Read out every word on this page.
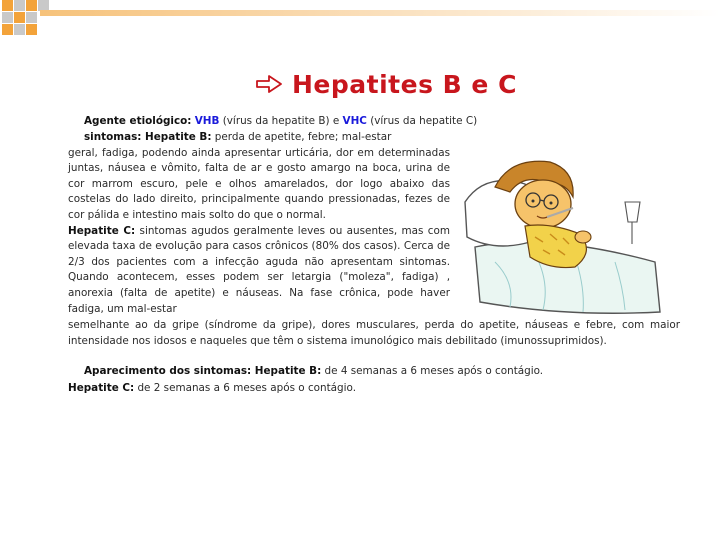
Hepatites B e C
Agente etiológico: VHB (vírus da hepatite B) e VHC (vírus da hepatite C)

sintomas: Hepatite B: perda de apetite, febre; mal-estar

geral, fadiga, podendo ainda apresentar urticária, dor em determinadas juntas, náusea e vômito, falta de ar e gosto amargo na boca, urina de cor marrom escuro, pele e olhos amarelados, dor logo abaixo das costelas do lado direito, principalmente quando pressionadas, fezes de cor pálida e intestino mais solto do que o normal.

Hepatite C: sintomas agudos geralmente leves ou ausentes, mas com elevada taxa de evolução para casos crônicos (80% dos casos). Cerca de 2/3 dos pacientes com a infecção aguda não apresentam sintomas. Quando acontecem, esses podem ser letargia ("moleza", fadiga) , anorexia (falta de apetite) e náuseas. Na fase crônica, pode haver fadiga, um mal-estar

semelhante ao da gripe (síndrome da gripe), dores musculares, perda do apetite, náuseas e febre, com maior intensidade nos idosos e naqueles que têm o sistema imunológico mais debilitado (imunossuprimidos).
Aparecimento dos sintomas: Hepatite B: de 4 semanas a 6 meses após o contágio.
Hepatite C: de 2 semanas a 6 meses após o contágio.
